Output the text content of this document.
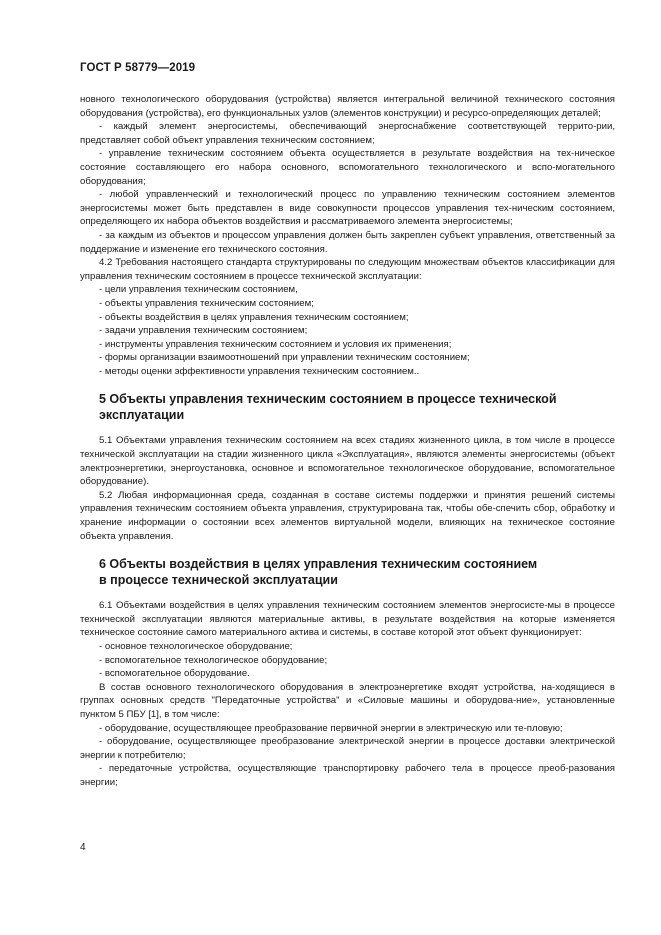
ГОСТ Р 58779—2019

новного технологического оборудования (устройства) является интегральной величиной технического состояния оборудования (устройства), его функциональных узлов (элементов конструкции) и ресурсо-определяющих деталей;

- каждый элемент энергосистемы, обеспечивающий энергоснабжение соответствующей террито-рии, представляет собой объект управления техническим состоянием;

- управление техническим состоянием объекта осуществляется в результате воздействия на тех-ническое состояние составляющего его набора основного, вспомогательного технологического и вспо-могательного оборудования;

- любой управленческий и технологический процесс по управлению техническим состоянием элементов энергосистемы может быть представлен в виде совокупности процессов управления тех-ническим состоянием, определяющего их набора объектов воздействия и рассматриваемого элемента энергосистемы;

- за каждым из объектов и процессом управления должен быть закреплен субъект управления, ответственный за поддержание и изменение его технического состояния.

4.2 Требования настоящего стандарта структурированы по следующим множествам объектов классификации для управления техническим состоянием в процессе технической эксплуатации:

- цели управления техническим состоянием,

- объекты управления техническим состоянием;

- объекты воздействия в целях управления техническим состоянием;

- задачи управления техническим состоянием;

- инструменты управления техническим состоянием и условия их применения;

- формы организации взаимоотношений при управлении техническим состоянием;

- методы оценки эффективности управления техническим состоянием..

5 Объекты управления техническим состоянием в процессе технической
эксплуатации

5.1 Объектами управления техническим состоянием на всех стадиях жизненного цикла, в том числе в процессе технической эксплуатации на стадии жизненного цикла «Эксплуатация», являются элементы энергосистемы (объект электроэнергетики, энергоустановка, основное и вспомогательное технологическое оборудование, вспомогательное оборудование).

5.2 Любая информационная среда, созданная в составе системы поддержки и принятия решений системы управления техническим состоянием объекта управления, структурирована так, чтобы обе-спечить сбор, обработку и хранение информации о состоянии всех элементов виртуальной модели, влияющих на техническое состояние объекта управления.

6 Объекты воздействия в целях управления техническим состоянием
в процессе технической эксплуатации

6.1 Объектами воздействия в целях управления техническим состоянием элементов энергосисте-мы в процессе технической эксплуатации являются материальные активы, в результате воздействия на которые изменяется техническое состояние самого материального актива и системы, в составе которой этот объект функционирует:

- основное технологическое оборудование;

- вспомогательное технологическое оборудование;

- вспомогательное оборудование.

В состав основного технологического оборудования в электроэнергетике входят устройства, на-ходящиеся в группах основных средств "Передаточные устройства" и «Силовые машины и оборудова-ние», установленные пунктом 5 ПБУ [1], в том числе:

- оборудование, осуществляющее преобразование первичной энергии в электрическую или те-пловую;

- оборудование, осуществляющее преобразование электрической энергии в процессе доставки электрической энергии к потребителю;

- передаточные устройства, осуществляющие транспортировку рабочего тела в процессе преоб-разования энергии;

4
